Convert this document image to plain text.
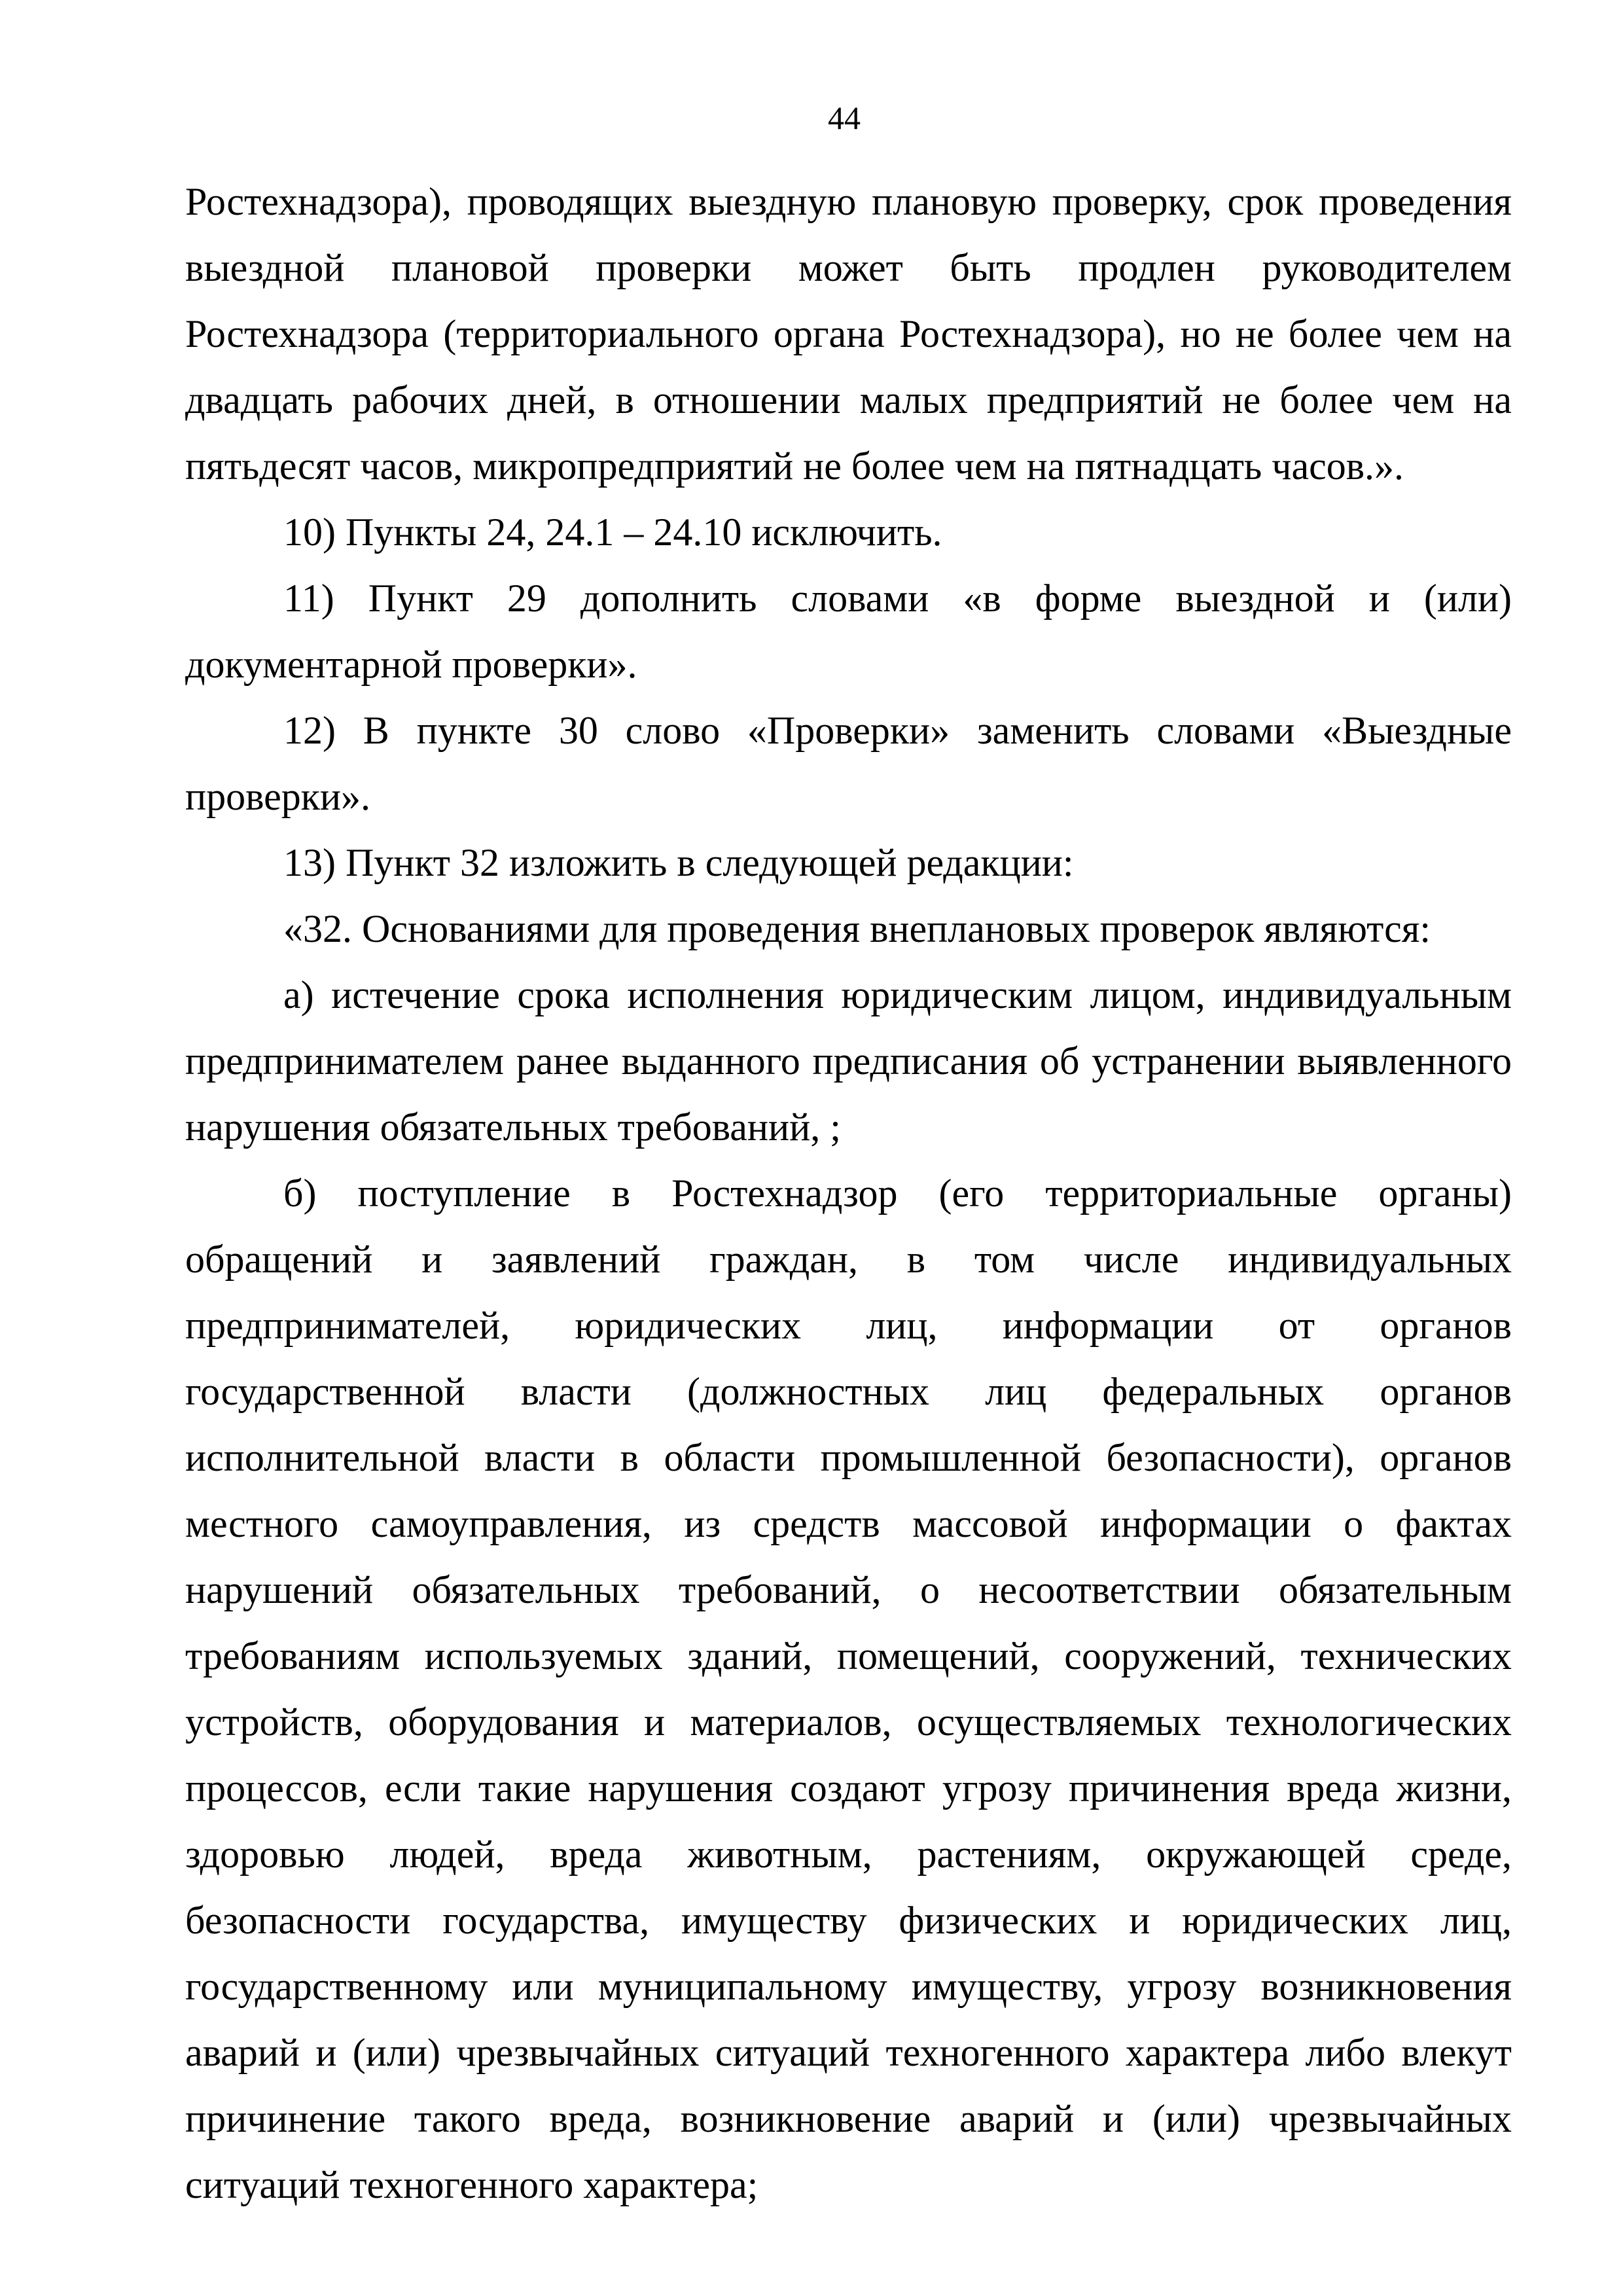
44

Ростехнадзора), проводящих выездную плановую проверку, срок проведения выездной плановой проверки может быть продлен руководителем Ростехнадзора (территориального органа Ростехнадзора), но не более чем на двадцать рабочих дней, в отношении малых предприятий не более чем на пятьдесят часов, микропредприятий не более чем на пятнадцать часов.».

10) Пункты 24, 24.1 – 24.10 исключить.

11) Пункт 29 дополнить словами «в форме выездной и (или) документарной проверки».

12) В пункте 30 слово «Проверки» заменить словами «Выездные проверки».

13) Пункт 32 изложить в следующей редакции:

«32. Основаниями для проведения внеплановых проверок являются:

а) истечение срока исполнения юридическим лицом, индивидуальным предпринимателем ранее выданного предписания об устранении выявленного нарушения обязательных требований, ;

б) поступление в Ростехнадзор (его территориальные органы) обращений и заявлений граждан, в том числе индивидуальных предпринимателей, юридических лиц, информации от органов государственной власти (должностных лиц федеральных органов исполнительной власти в области промышленной безопасности), органов местного самоуправления, из средств массовой информации о фактах нарушений обязательных требований, о несоответствии обязательным требованиям используемых зданий, помещений, сооружений, технических устройств, оборудования и материалов, осуществляемых технологических процессов, если такие нарушения создают угрозу причинения вреда жизни, здоровью людей, вреда животным, растениям, окружающей среде, безопасности государства, имуществу физических и юридических лиц, государственному или муниципальному имуществу, угрозу возникновения аварий и (или) чрезвычайных ситуаций техногенного характера либо влекут причинение такого вреда, возникновение аварий и (или) чрезвычайных ситуаций техногенного характера;
